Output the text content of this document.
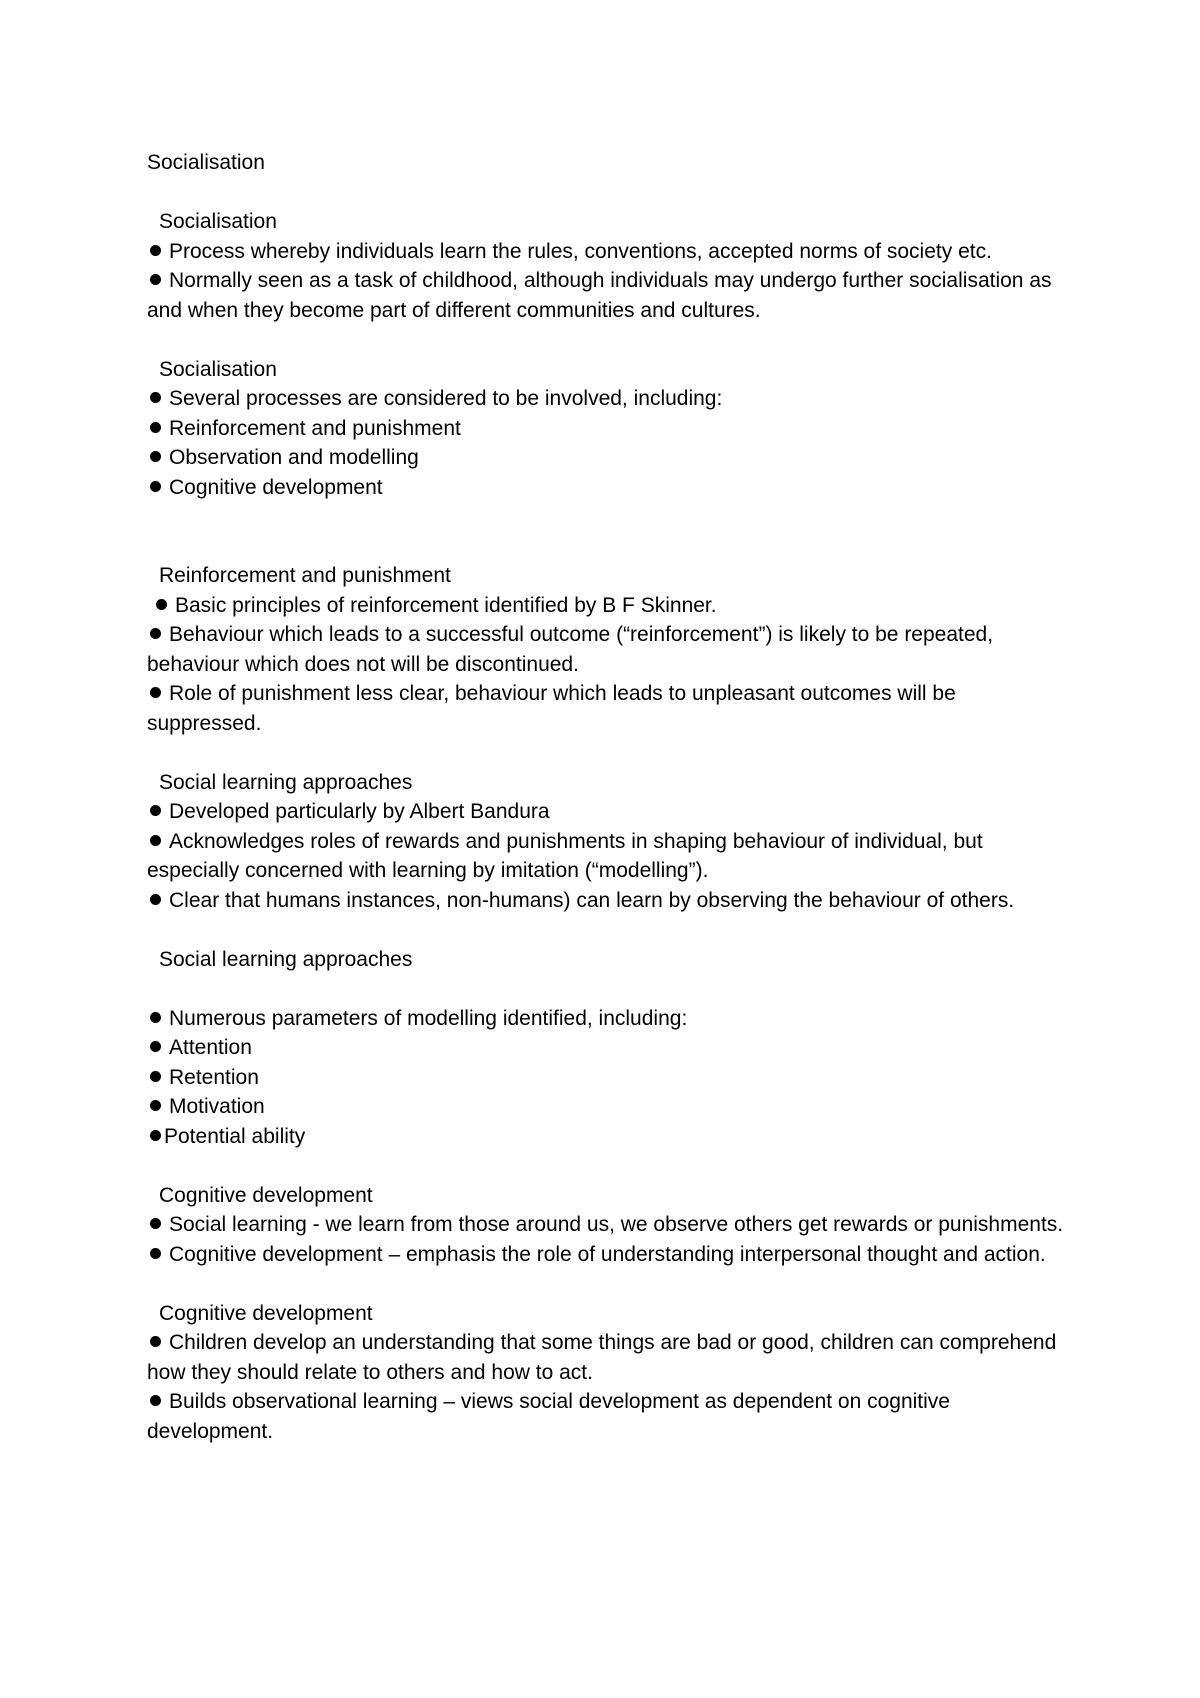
Socialisation
Socialisation
Process whereby individuals learn the rules, conventions, accepted norms of society etc.
Normally seen as a task of childhood, although individuals may undergo further socialisation as and when they become part of different communities and cultures.
Socialisation
Several processes are considered to be involved, including:
Reinforcement and punishment
Observation and modelling
Cognitive development
Reinforcement and punishment
Basic principles of reinforcement identified by B F Skinner.
Behaviour which leads to a successful outcome (“reinforcement”) is likely to be repeated, behaviour which does not will be discontinued.
Role of punishment less clear, behaviour which leads to unpleasant outcomes will be suppressed.
Social learning approaches
Developed particularly by Albert Bandura
Acknowledges roles of rewards and punishments in shaping behaviour of individual, but especially concerned with learning by imitation (“modelling”).
Clear that humans instances, non-humans) can learn by observing the behaviour of others.
Social learning approaches
Numerous parameters of modelling identified, including:
Attention
Retention
Motivation
Potential ability
Cognitive development
Social learning - we learn from those around us, we observe others get rewards or punishments.
Cognitive development – emphasis the role of understanding interpersonal thought and action.
Cognitive development
Children develop an understanding that some things are bad or good, children can comprehend how they should relate to others and how to act.
Builds observational learning – views social development as dependent on cognitive development.
